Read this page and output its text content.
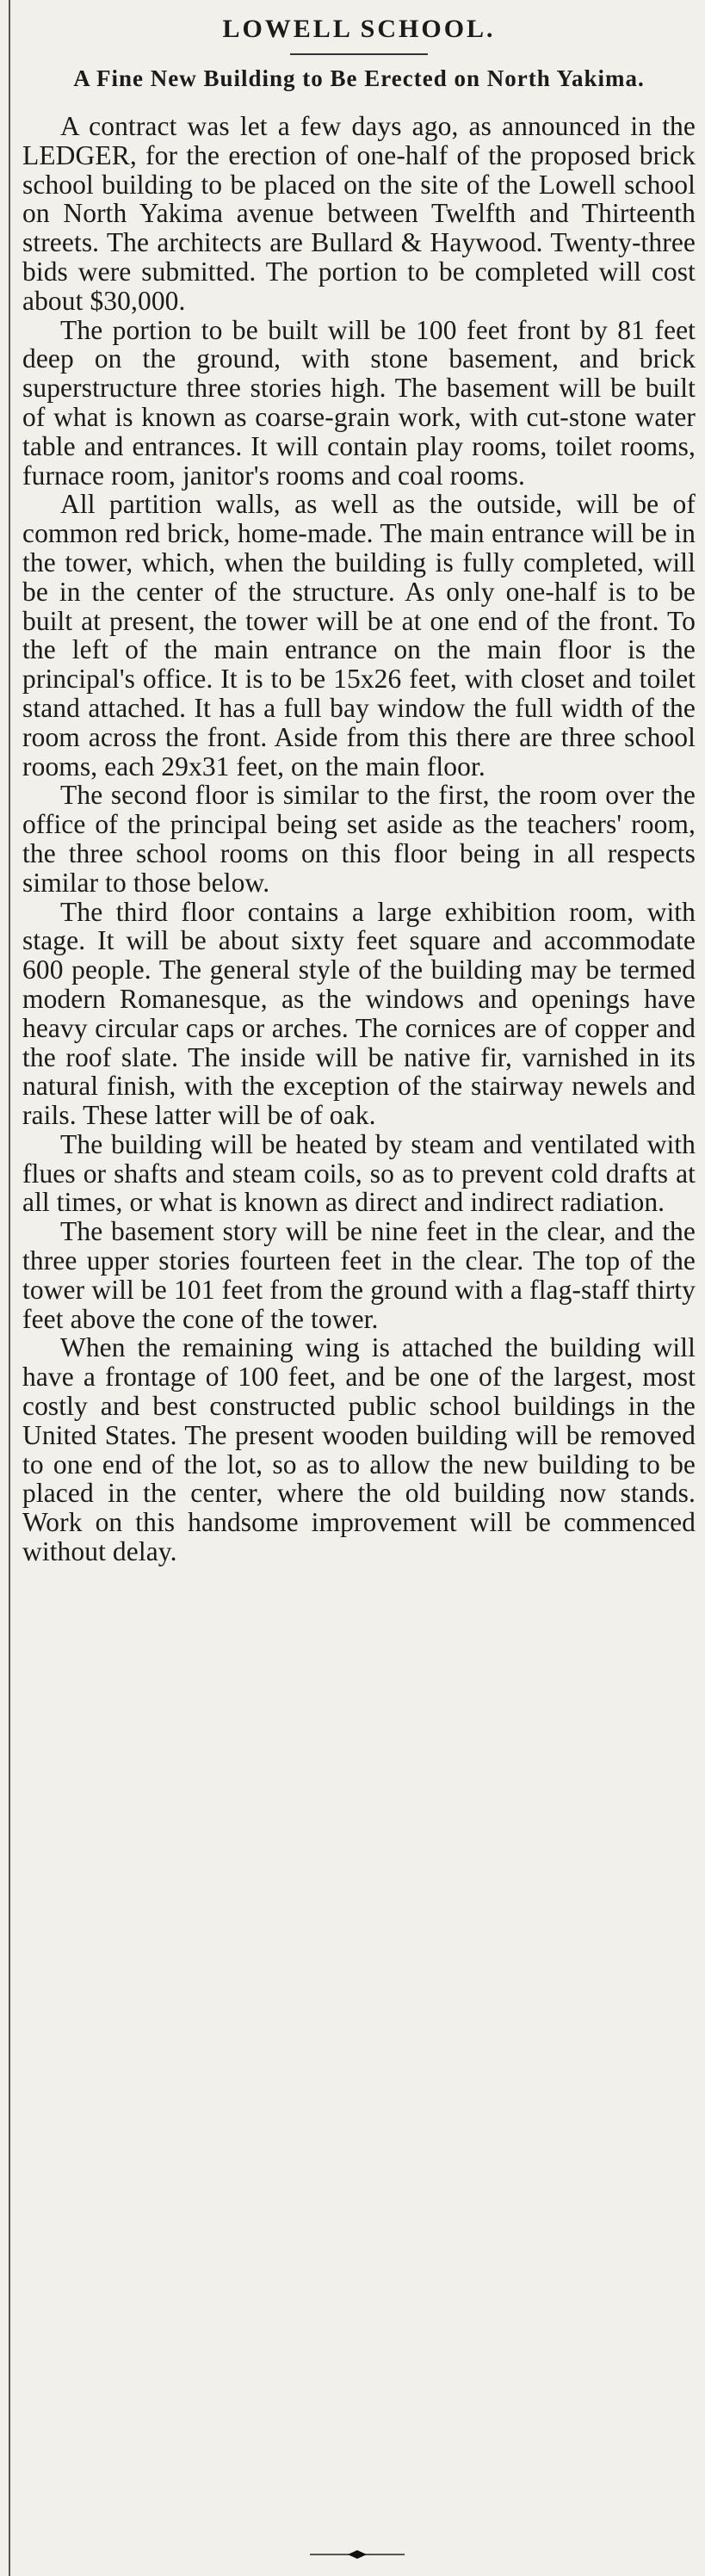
LOWELL SCHOOL.
A Fine New Building to Be Erected on North Yakima.

A contract was let a few days ago, as announced in the LEDGER, for the erection of one-half of the proposed brick school building to be placed on the site of the Lowell school on North Yakima avenue between Twelfth and Thirteenth streets. The architects are Bullard & Haywood. Twenty-three bids were submitted. The portion to be completed will cost about $30,000.

The portion to be built will be 100 feet front by 81 feet deep on the ground, with stone basement, and brick superstructure three stories high. The basement will be built of what is known as coarse-grain work, with cut-stone water table and entrances. It will contain play rooms, toilet rooms, furnace room, janitor's rooms and coal rooms.

All partition walls, as well as the outside, will be of common red brick, home-made. The main entrance will be in the tower, which, when the building is fully completed, will be in the center of the structure. As only one-half is to be built at present, the tower will be at one end of the front. To the left of the main entrance on the main floor is the principal's office. It is to be 15x26 feet, with closet and toilet stand attached. It has a full bay window the full width of the room across the front. Aside from this there are three school rooms, each 29x31 feet, on the main floor.

The second floor is similar to the first, the room over the office of the principal being set aside as the teachers' room, the three school rooms on this floor being in all respects similar to those below.

The third floor contains a large exhibition room, with stage. It will be about sixty feet square and accommodate 600 people. The general style of the building may be termed modern Romanesque, as the windows and openings have heavy circular caps or arches. The cornices are of copper and the roof slate. The inside will be native fir, varnished in its natural finish, with the exception of the stairway newels and rails. These latter will be of oak.

The building will be heated by steam and ventilated with flues or shafts and steam coils, so as to prevent cold drafts at all times, or what is known as direct and indirect radiation.

The basement story will be nine feet in the clear, and the three upper stories fourteen feet in the clear. The top of the tower will be 101 feet from the ground with a flag-staff thirty feet above the cone of the tower.

When the remaining wing is attached the building will have a frontage of 100 feet, and be one of the largest, most costly and best constructed public school buildings in the United States. The present wooden building will be removed to one end of the lot, so as to allow the new building to be placed in the center, where the old building now stands. Work on this handsome improvement will be commenced without delay.
